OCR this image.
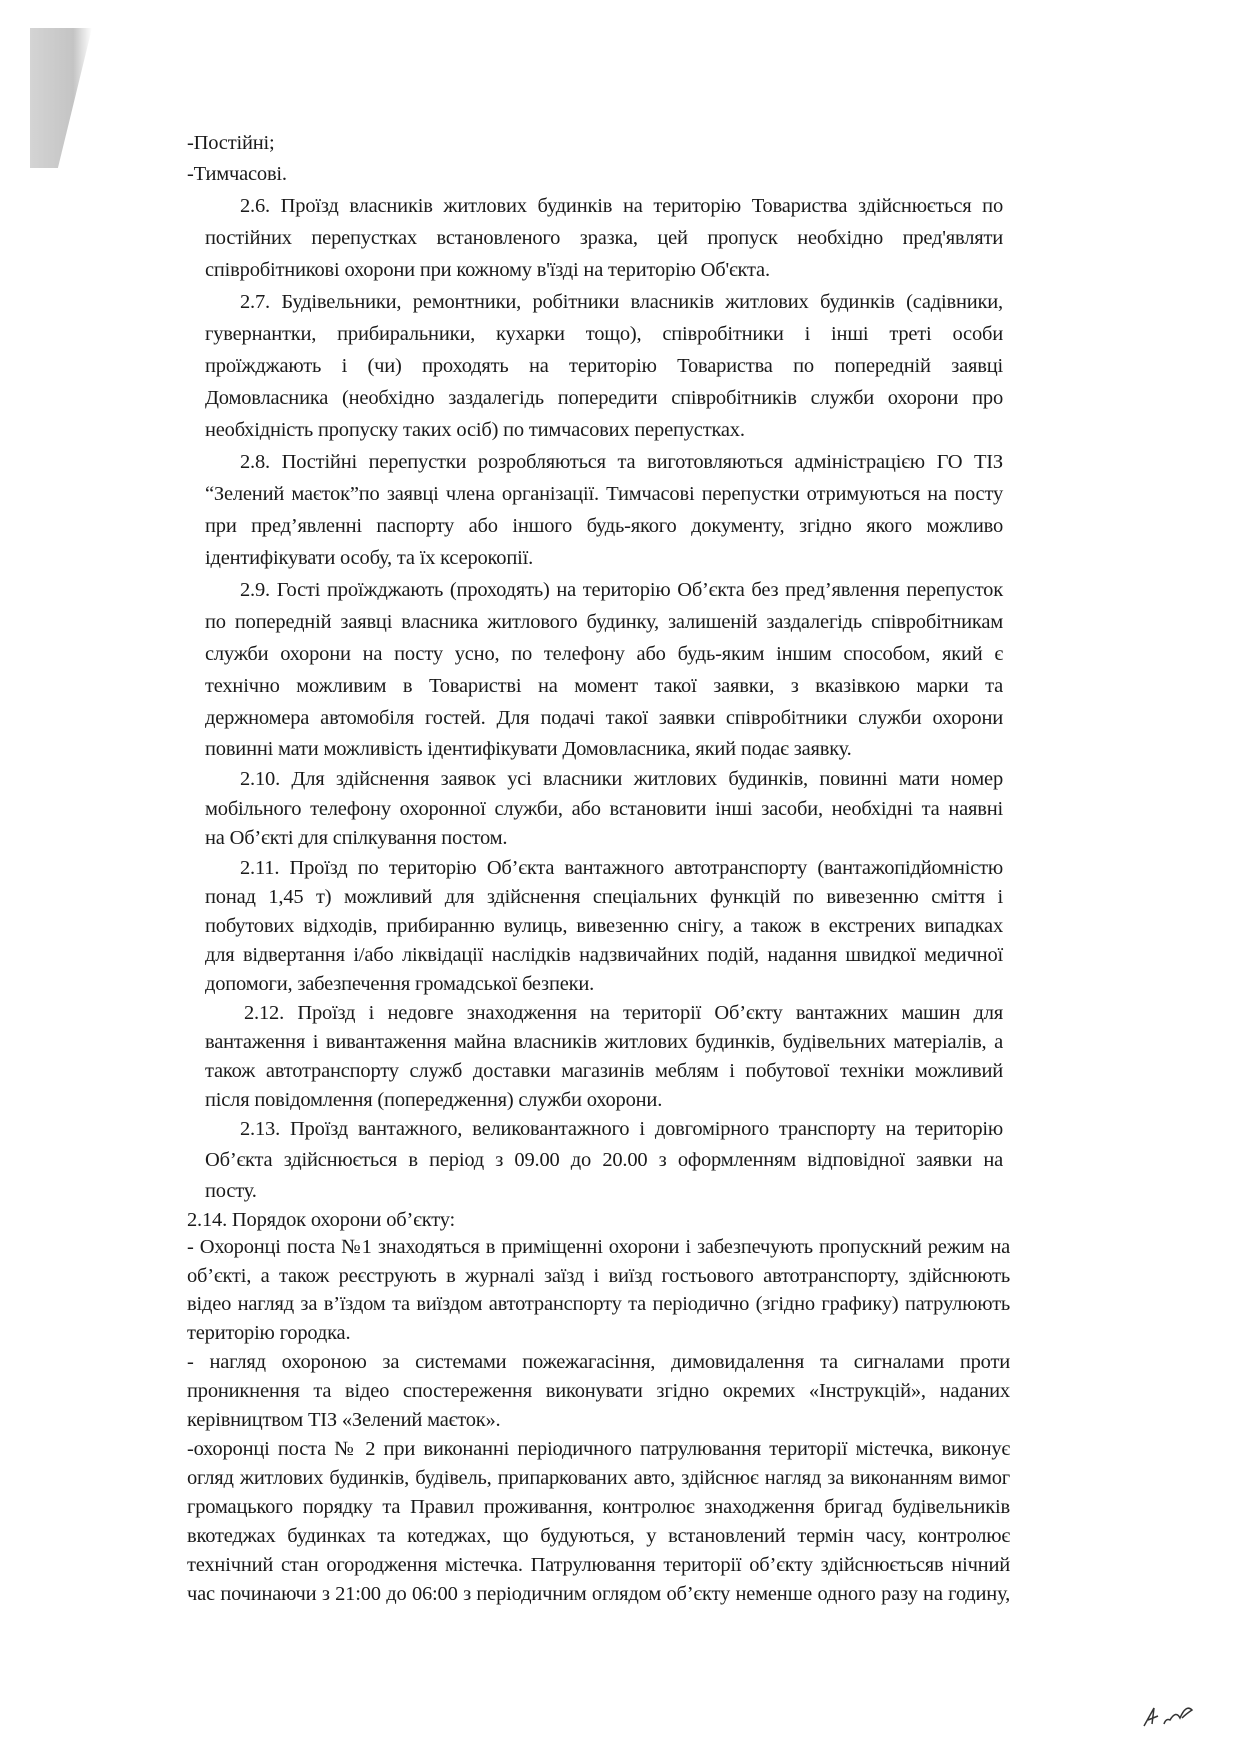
-Постійні;
-Тимчасові.
2.6. Проїзд власників житлових будинків на територію Товариства здійснюється по
постійних перепустках встановленого зразка, цей пропуск необхідно пред'являти
співробітникові охорони при кожному в'їзді на територію Об'єкта.
2.7. Будівельники, ремонтники, робітники власників житлових будинків (садівники,
гувернантки, прибиральники, кухарки тощо), співробітники і інші треті особи
проїжджають і (чи) проходять на територію Товариства по попередній заявці
Домовласника (необхідно заздалегідь попередити співробітників служби охорони про
необхідність пропуску таких осіб) по тимчасових перепустках.
2.8. Постійні перепустки розробляються та виготовляються адміністрацією ГО ТІЗ
“Зелений маєток”по заявці члена організації. Тимчасові перепустки отримуються на посту
при пред’явленні паспорту або іншого будь-якого документу, згідно якого можливо
ідентифікувати особу, та їх ксерокопії.
2.9. Гості проїжджають (проходять) на територію Об’єкта без пред’явлення перепусток
по попередній заявці власника житлового будинку, залишеній заздалегідь співробітникам
служби охорони на посту усно, по телефону або будь-яким іншим способом, який є
технічно можливим в Товаристві на момент такої заявки, з вказівкою марки та
держномера автомобіля гостей. Для подачі такої заявки співробітники служби охорони
повинні мати можливість ідентифікувати Домовласника, який подає заявку.
2.10. Для здійснення заявок усі власники житлових будинків, повинні мати номер
мобільного телефону охоронної служби, або встановити інші засоби, необхідні та наявні
на Об’єкті для спілкування постом.
2.11. Проїзд по територію Об’єкта вантажного автотранспорту (вантажопідйомністю
понад 1,45 т) можливий для здійснення спеціальних функцій по вивезенню сміття і
побутових відходів, прибиранню вулиць, вивезенню снігу, а також в екстрених випадках
для відвертання і/або ліквідації наслідків надзвичайних подій, надання швидкої медичної
допомоги, забезпечення громадської безпеки.
2.12. Проїзд і недовге знаходження на території Об’єкту вантажних машин для
вантаження і вивантаження майна власників житлових будинків, будівельних матеріалів, а
також автотранспорту служб доставки магазинів меблям і побутової техніки можливий
після повідомлення (попередження) служби охорони.
2.13. Проїзд вантажного, великовантажного і довгомірного транспорту на територію
Об’єкта здійснюється в період з 09.00 до 20.00 з оформленням відповідної заявки на
посту.
2.14. Порядок охорони об’єкту:
- Охоронці поста №1 знаходяться в приміщенні охорони і забезпечують пропускний режим на
об’єкті, а також реєструють в журналі заїзд і виїзд гостьового автотранспорту, здійснюють
відео нагляд за в’їздом та виїздом автотранспорту та періодично (згідно графику) патрулюють
територію городка.
- нагляд охороною за системами пожежагасіння, димовидалення та сигналами проти
проникнення та відео спостереження виконувати згідно окремих «Інструкцій», наданих
керівництвом ТІЗ «Зелений маєток».
-охоронці поста № 2 при виконанні періодичного патрулювання території містечка, виконує
огляд житлових будинків, будівель, припаркованих авто, здійснює нагляд за виконанням вимог
громацького порядку та Правил проживання, контролює знаходження бригад будівельників
вкотеджах будинках та котеджах, що будуються, у встановлений термін часу, контролює
технічний стан огородження містечка. Патрулювання території об’єкту здійснюєтьсяв нічний
час починаючи з 21:00 до 06:00 з періодичним оглядом об’єкту неменше одного разу на годину,
